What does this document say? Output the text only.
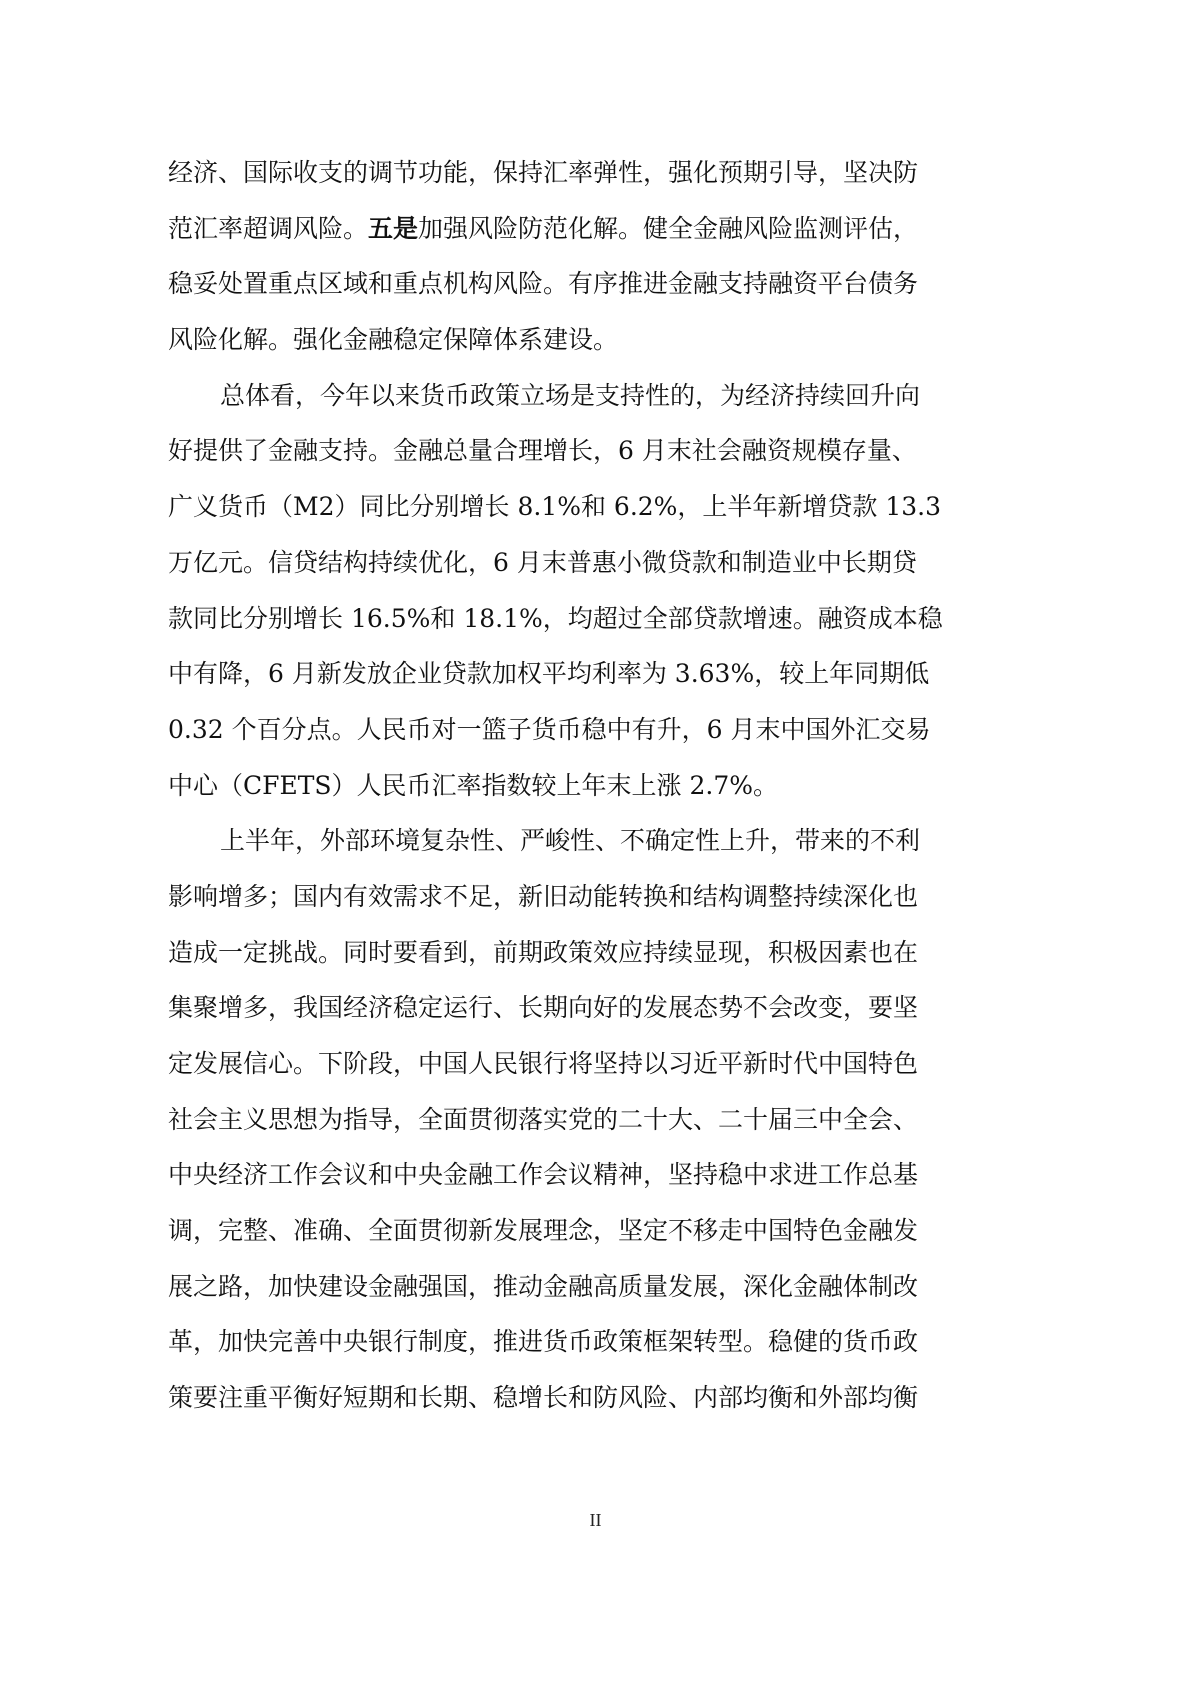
经济、国际收支的调节功能，保持汇率弹性，强化预期引导，坚决防
范汇率超调风险。五是加强风险防范化解。健全金融风险监测评估，
稳妥处置重点区域和重点机构风险。有序推进金融支持融资平台债务
风险化解。强化金融稳定保障体系建设。
总体看，今年以来货币政策立场是支持性的，为经济持续回升向
好提供了金融支持。金融总量合理增长，6 月末社会融资规模存量、
广义货币（M2）同比分别增长 8.1%和 6.2%，上半年新增贷款 13.3
万亿元。信贷结构持续优化，6 月末普惠小微贷款和制造业中长期贷
款同比分别增长 16.5%和 18.1%，均超过全部贷款增速。融资成本稳
中有降，6 月新发放企业贷款加权平均利率为 3.63%，较上年同期低
0.32 个百分点。人民币对一篮子货币稳中有升，6 月末中国外汇交易
中心（CFETS）人民币汇率指数较上年末上涨 2.7%。
上半年，外部环境复杂性、严峻性、不确定性上升，带来的不利
影响增多；国内有效需求不足，新旧动能转换和结构调整持续深化也
造成一定挑战。同时要看到，前期政策效应持续显现，积极因素也在
集聚增多，我国经济稳定运行、长期向好的发展态势不会改变，要坚
定发展信心。下阶段，中国人民银行将坚持以习近平新时代中国特色
社会主义思想为指导，全面贯彻落实党的二十大、二十届三中全会、
中央经济工作会议和中央金融工作会议精神，坚持稳中求进工作总基
调，完整、准确、全面贯彻新发展理念，坚定不移走中国特色金融发
展之路，加快建设金融强国，推动金融高质量发展，深化金融体制改
革，加快完善中央银行制度，推进货币政策框架转型。稳健的货币政
策要注重平衡好短期和长期、稳增长和防风险、内部均衡和外部均衡
II
